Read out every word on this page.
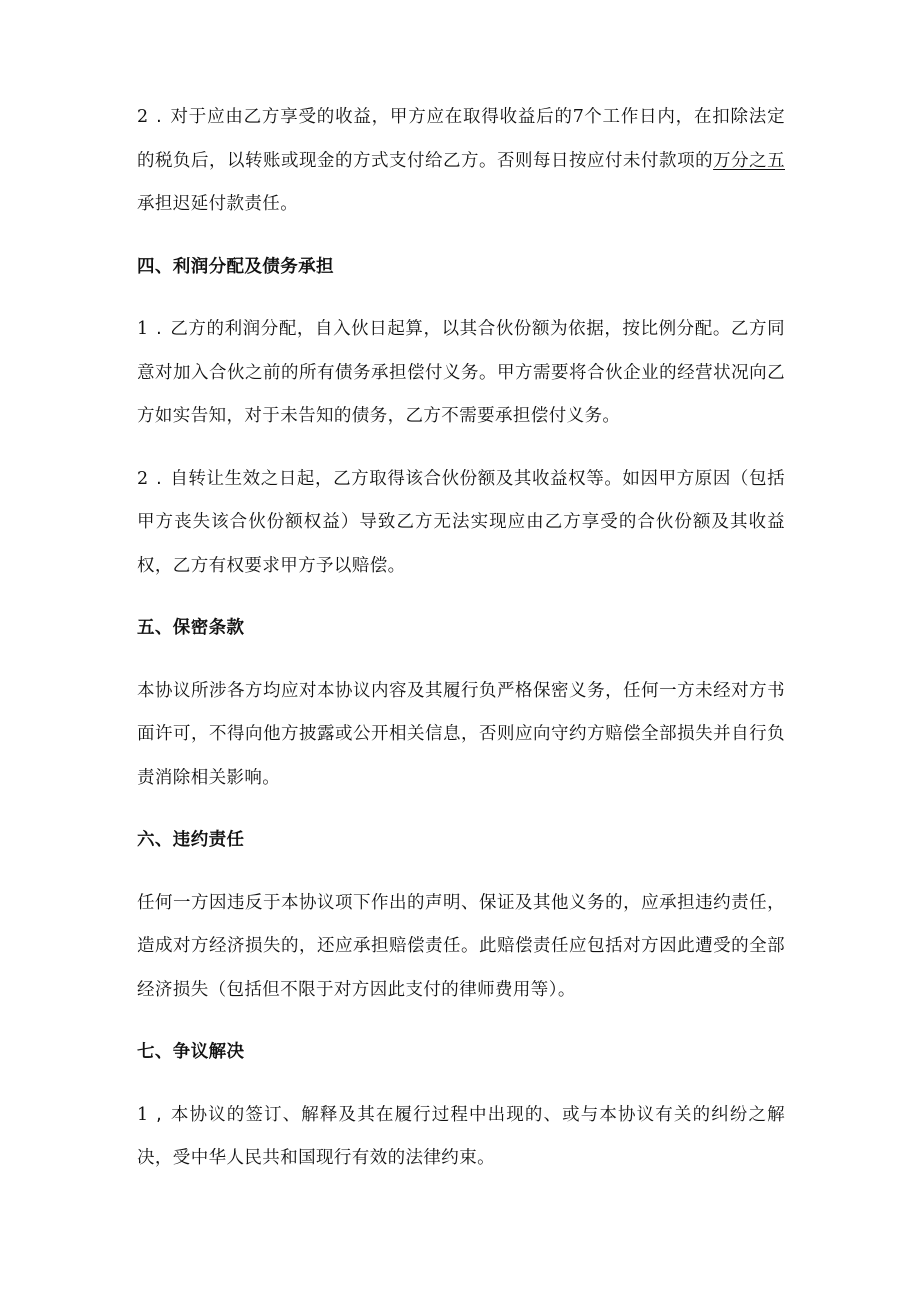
2 . 对于应由乙方享受的收益，甲方应在取得收益后的7个工作日内，在扣除法定的税负后，以转账或现金的方式支付给乙方。否则每日按应付未付款项的万分之五承担迟延付款责任。

四、利润分配及债务承担

1 . 乙方的利润分配，自入伙日起算，以其合伙份额为依据，按比例分配。乙方同意对加入合伙之前的所有债务承担偿付义务。甲方需要将合伙企业的经营状况向乙方如实告知，对于未告知的债务，乙方不需要承担偿付义务。

2 . 自转让生效之日起，乙方取得该合伙份额及其收益权等。如因甲方原因（包括甲方丧失该合伙份额权益）导致乙方无法实现应由乙方享受的合伙份额及其收益权，乙方有权要求甲方予以赔偿。

五、保密条款

本协议所涉各方均应对本协议内容及其履行负严格保密义务，任何一方未经对方书面许可，不得向他方披露或公开相关信息，否则应向守约方赔偿全部损失并自行负责消除相关影响。

六、违约责任

任何一方因违反于本协议项下作出的声明、保证及其他义务的，应承担违约责任，造成对方经济损失的，还应承担赔偿责任。此赔偿责任应包括对方因此遭受的全部经济损失（包括但不限于对方因此支付的律师费用等）。

七、争议解决

1 , 本协议的签订、解释及其在履行过程中出现的、或与本协议有关的纠纷之解决，受中华人民共和国现行有效的法律约束。
